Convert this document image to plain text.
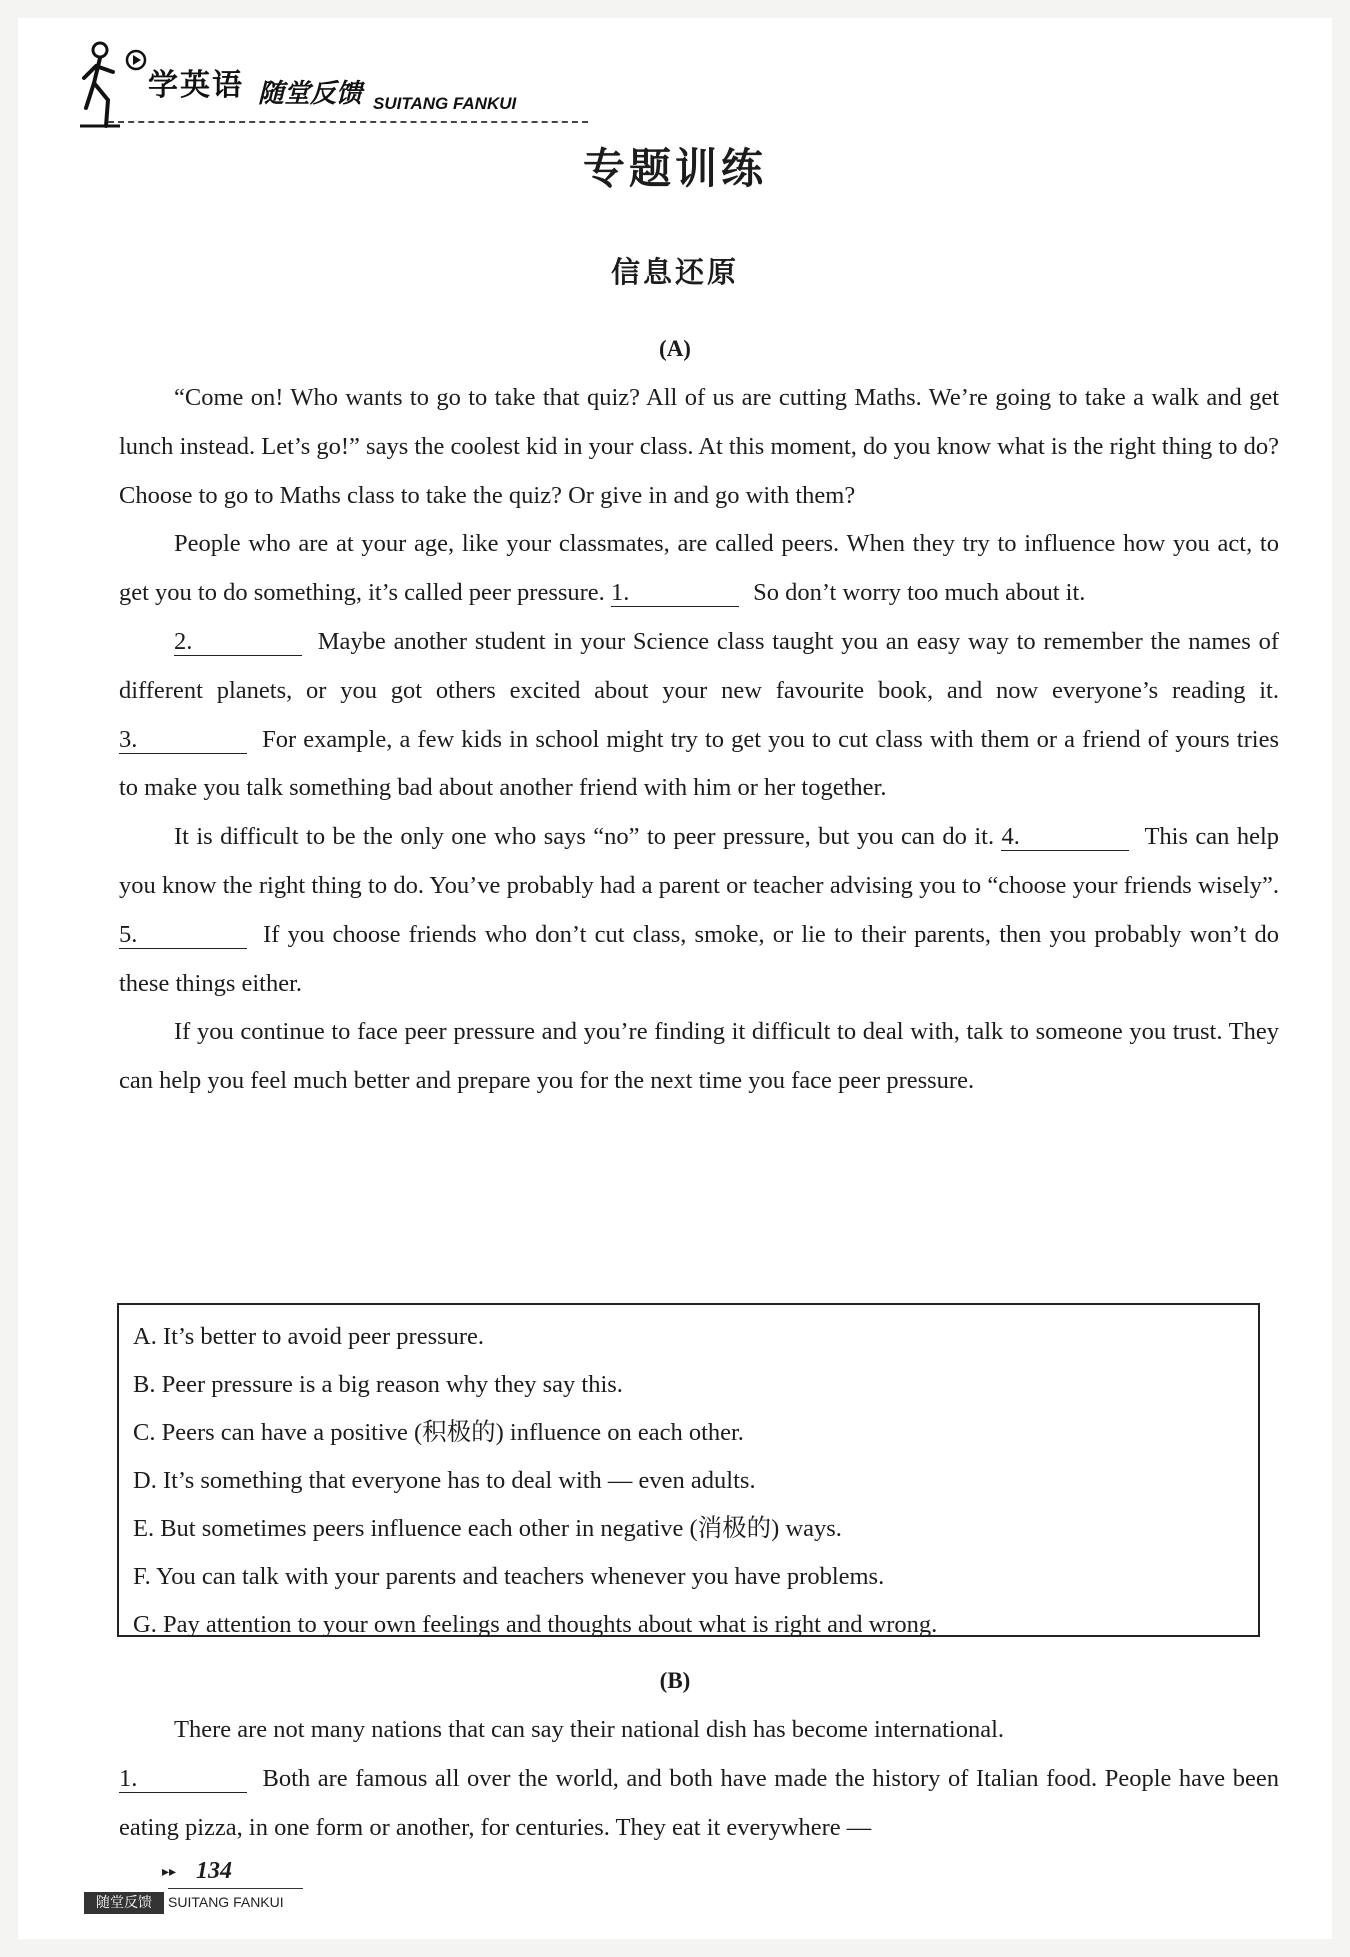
学英语 随堂反馈 SUITANG FANKUI
专题训练
信息还原
(A)

“Come on! Who wants to go to take that quiz? All of us are cutting Maths. We’re going to take a walk and get lunch instead. Let’s go!” says the coolest kid in your class. At this moment, do you know what is the right thing to do? Choose to go to Maths class to take the quiz? Or give in and go with them?

People who are at your age, like your classmates, are called peers. When they try to influence how you act, to get you to do something, it’s called peer pressure. 1.	So don’t worry too much about it.

2.	Maybe another student in your Science class taught you an easy way to remember the names of different planets, or you got others excited about your new favourite book, and now everyone’s reading it. 3.	For example, a few kids in school might try to get you to cut class with them or a friend of yours tries to make you talk something bad about another friend with him or her together.

It is difficult to be the only one who says “no” to peer pressure, but you can do it. 4.	This can help you know the right thing to do. You’ve probably had a parent or teacher advising you to “choose your friends wisely”. 5.	If you choose friends who don’t cut class, smoke, or lie to their parents, then you probably won’t do these things either.

If you continue to face peer pressure and you’re finding it difficult to deal with, talk to someone you trust. They can help you feel much better and prepare you for the next time you face peer pressure.

A. It’s better to avoid peer pressure.
B. Peer pressure is a big reason why they say this.
C. Peers can have a positive (积极的) influence on each other.
D. It’s something that everyone has to deal with — even adults.
E. But sometimes peers influence each other in negative (消极的) ways.
F. You can talk with your parents and teachers whenever you have problems.
G. Pay attention to your own feelings and thoughts about what is right and wrong.
(B)

There are not many nations that can say their national dish has become international.

1.	Both are famous all over the world, and both have made the history of Italian food. People have been eating pizza, in one form or another, for centuries. They eat it everywhere —

▸▸ 134
随堂反馈	SUITANG FANKUI
